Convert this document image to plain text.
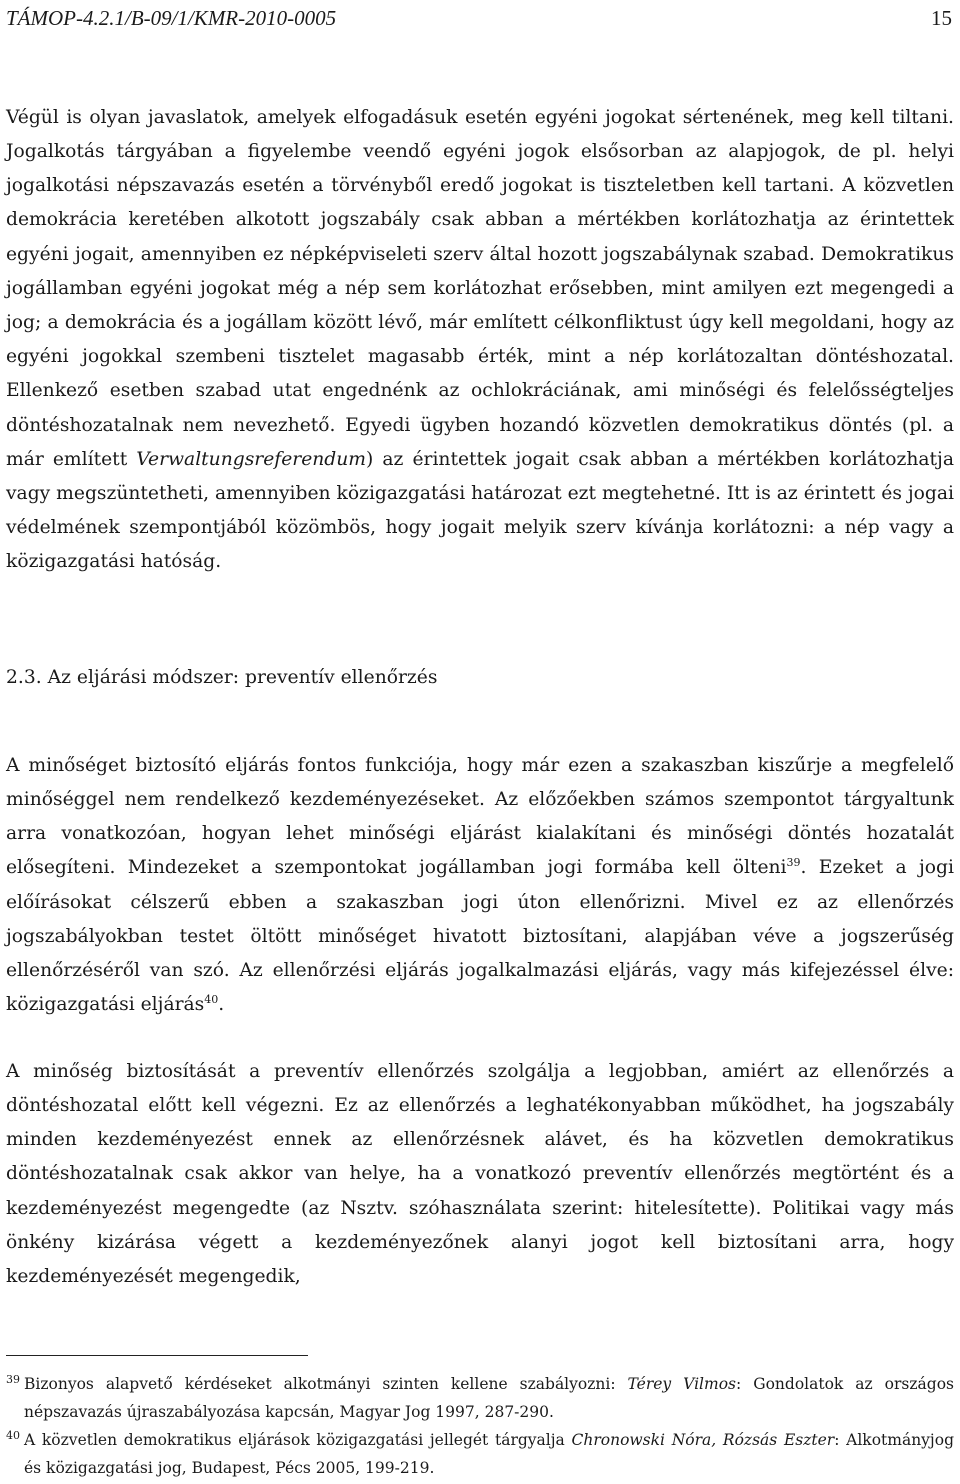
TÁMOP-4.2.1/B-09/1/KMR-2010-0005	15

Végül is olyan javaslatok, amelyek elfogadásuk esetén egyéni jogokat sértenének, meg kell tiltani. Jogalkotás tárgyában a figyelembe veendő egyéni jogok elsősorban az alapjogok, de pl. helyi jogalkotási népszavazás esetén a törvényből eredő jogokat is tiszteletben kell tartani. A közvetlen demokrácia keretében alkotott jogszabály csak abban a mértékben korlátozhatja az érintettek egyéni jogait, amennyiben ez népképviseleti szerv által hozott jogszabálynak szabad. Demokratikus jogállamban egyéni jogokat még a nép sem korlátozhat erősebben, mint amilyen ezt megengedi a jog; a demokrácia és a jogállam között lévő, már említett célkonfliktust úgy kell megoldani, hogy az egyéni jogokkal szembeni tisztelet magasabb érték, mint a nép korlátozaltan döntéshozatal. Ellenkező esetben szabad utat engednénk az ochlokráciának, ami minőségi és felelősségteljes döntéshozatalnak nem nevezhető. Egyedi ügyben hozandó közvetlen demokratikus döntés (pl. a már említett Verwaltungsreferendum) az érintettek jogait csak abban a mértékben korlátozhatja vagy megszüntetheti, amennyiben közigazgatási határozat ezt megtehetné. Itt is az érintett és jogai védelmének szempontjából közömbös, hogy jogait melyik szerv kívánja korlátozni: a nép vagy a közigazgatási hatóság.

2.3. Az eljárási módszer: preventív ellenőrzés

A minőséget biztosító eljárás fontos funkciója, hogy már ezen a szakaszban kiszűrje a megfelelő minőséggel nem rendelkező kezdeményezéseket. Az előzőekben számos szempontot tárgyaltunk arra vonatkozóan, hogyan lehet minőségi eljárást kialakítani és minőségi döntés hozatalát elősegíteni. Mindezeket a szempontokat jogállamban jogi formába kell ölteni$^{39}$. Ezeket a jogi előírásokat célszerű ebben a szakaszban jogi úton ellenőrizni. Mivel ez az ellenőrzés jogszabályokban testet öltött minőséget hivatott biztosítani, alapjában véve a jogszerűség ellenőrzéséről van szó. Az ellenőrzési eljárás jogalkalmazási eljárás, vagy más kifejezéssel élve: közigazgatási eljárás$^{40}$.

A minőség biztosítását a preventív ellenőrzés szolgálja a legjobban, amiért az ellenőrzés a döntéshozatal előtt kell végezni. Ez az ellenőrzés a leghatékonyabban működhet, ha jogszabály minden kezdeményezést ennek az ellenőrzésnek alávet, és ha közvetlen demokratikus döntéshozatalnak csak akkor van helye, ha a vonatkozó preventív ellenőrzés megtörtént és a kezdeményezést megengedte (az Nsztv. szóhasználata szerint: hitelesítette). Politikai vagy más önkény kizárása végett a kezdeményezőnek alanyi jogot kell biztosítani arra, hogy kezdeményezését megengedik,

39 Bizonyos alapvető kérdéseket alkotmányi szinten kellene szabályozni: Térey Vilmos: Gondolatok az országos népszavazás újraszabályozása kapcsán, Magyar Jog 1997, 287-290.
40 A közvetlen demokratikus eljárások közigazgatási jellegét tárgyalja Chronowski Nóra, Rózsás Eszter: Alkotmányjog és közigazgatási jog, Budapest, Pécs 2005, 199-219.
